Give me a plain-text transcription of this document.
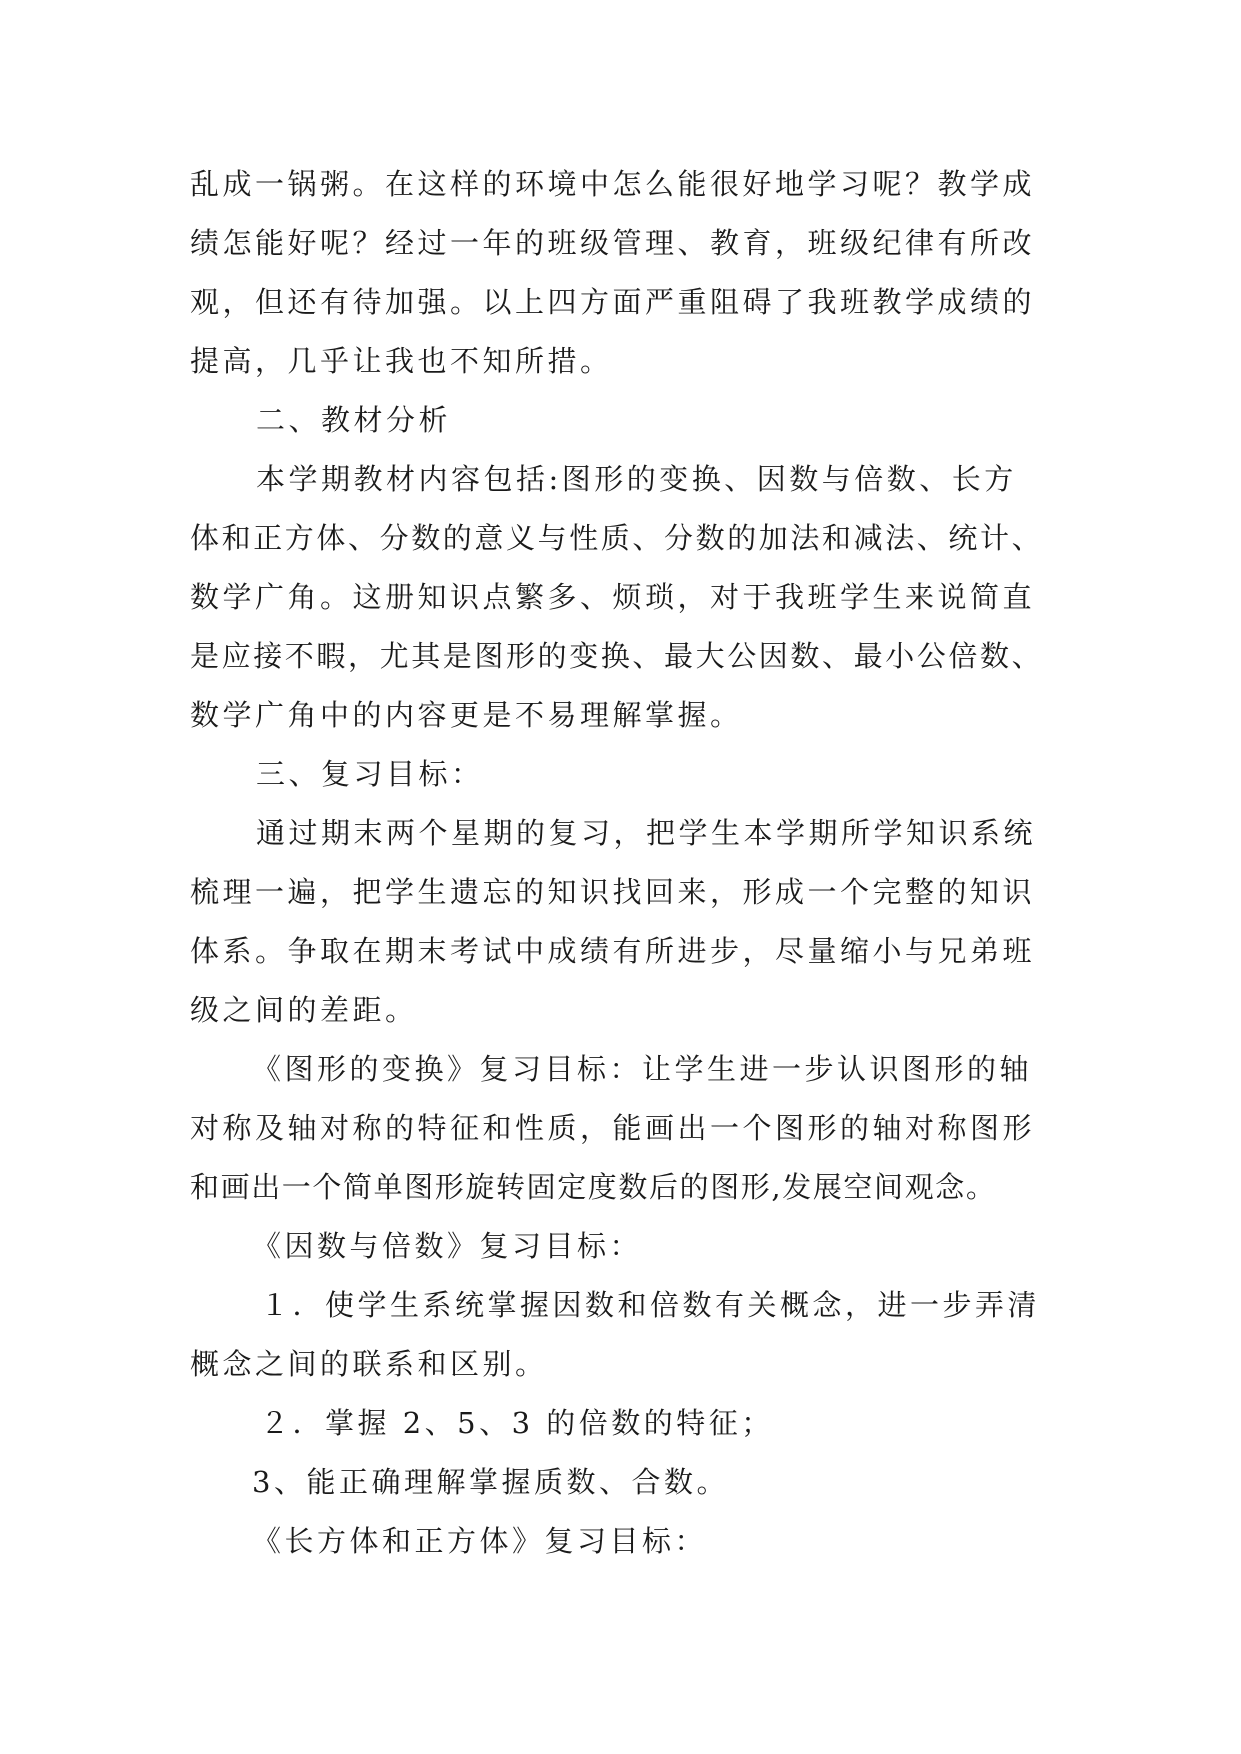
乱成一锅粥。在这样的环境中怎么能很好地学习呢？教学成
绩怎能好呢？经过一年的班级管理、教育，班级纪律有所改
观，但还有待加强。以上四方面严重阻碍了我班教学成绩的
提高，几乎让我也不知所措。
二、教材分析
本学期教材内容包括:图形的变换、因数与倍数、长方
体和正方体、分数的意义与性质、分数的加法和减法、统计、
数学广角。这册知识点繁多、烦琐，对于我班学生来说简直
是应接不暇，尤其是图形的变换、最大公因数、最小公倍数、
数学广角中的内容更是不易理解掌握。
三、复习目标：
通过期末两个星期的复习，把学生本学期所学知识系统
梳理一遍，把学生遗忘的知识找回来，形成一个完整的知识
体系。争取在期末考试中成绩有所进步，尽量缩小与兄弟班
级之间的差距。
《图形的变换》复习目标：让学生进一步认识图形的轴
对称及轴对称的特征和性质，能画出一个图形的轴对称图形
和画出一个简单图形旋转固定度数后的图形,发展空间观念。
《因数与倍数》复习目标：
１．使学生系统掌握因数和倍数有关概念，进一步弄清
概念之间的联系和区别。
２．掌握 2、5、3 的倍数的特征；
3、能正确理解掌握质数、合数。
《长方体和正方体》复习目标：
